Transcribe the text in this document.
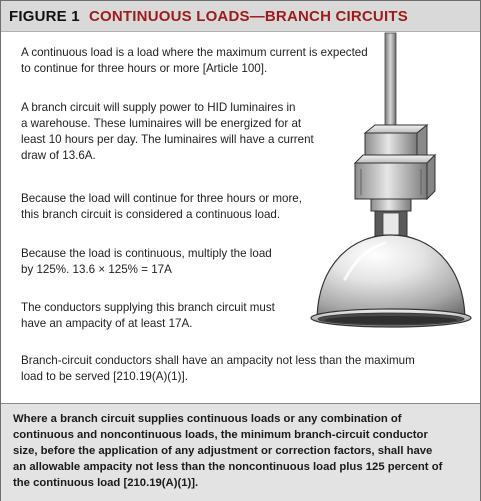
FIGURE 1 CONTINUOUS LOADS—BRANCH CIRCUITS
A continuous load is a load where the maximum current is expected
to continue for three hours or more [Article 100].
A branch circuit will supply power to HID luminaires in
a warehouse. These luminaires will be energized for at
least 10 hours per day. The luminaires will have a current
draw of 13.6A.
Because the load will continue for three hours or more,
this branch circuit is considered a continuous load.
Because the load is continuous, multiply the load
by 125%. 13.6 × 125% = 17A
The conductors supplying this branch circuit must
have an ampacity of at least 17A.
Branch-circuit conductors shall have an ampacity not less than the maximum
load to be served [210.19(A)(1)].
Where a branch circuit supplies continuous loads or any combination of
continuous and noncontinuous loads, the minimum branch-circuit conductor
size, before the application of any adjustment or correction factors, shall have
an allowable ampacity not less than the noncontinuous load plus 125 percent of
the continuous load [210.19(A)(1)].
